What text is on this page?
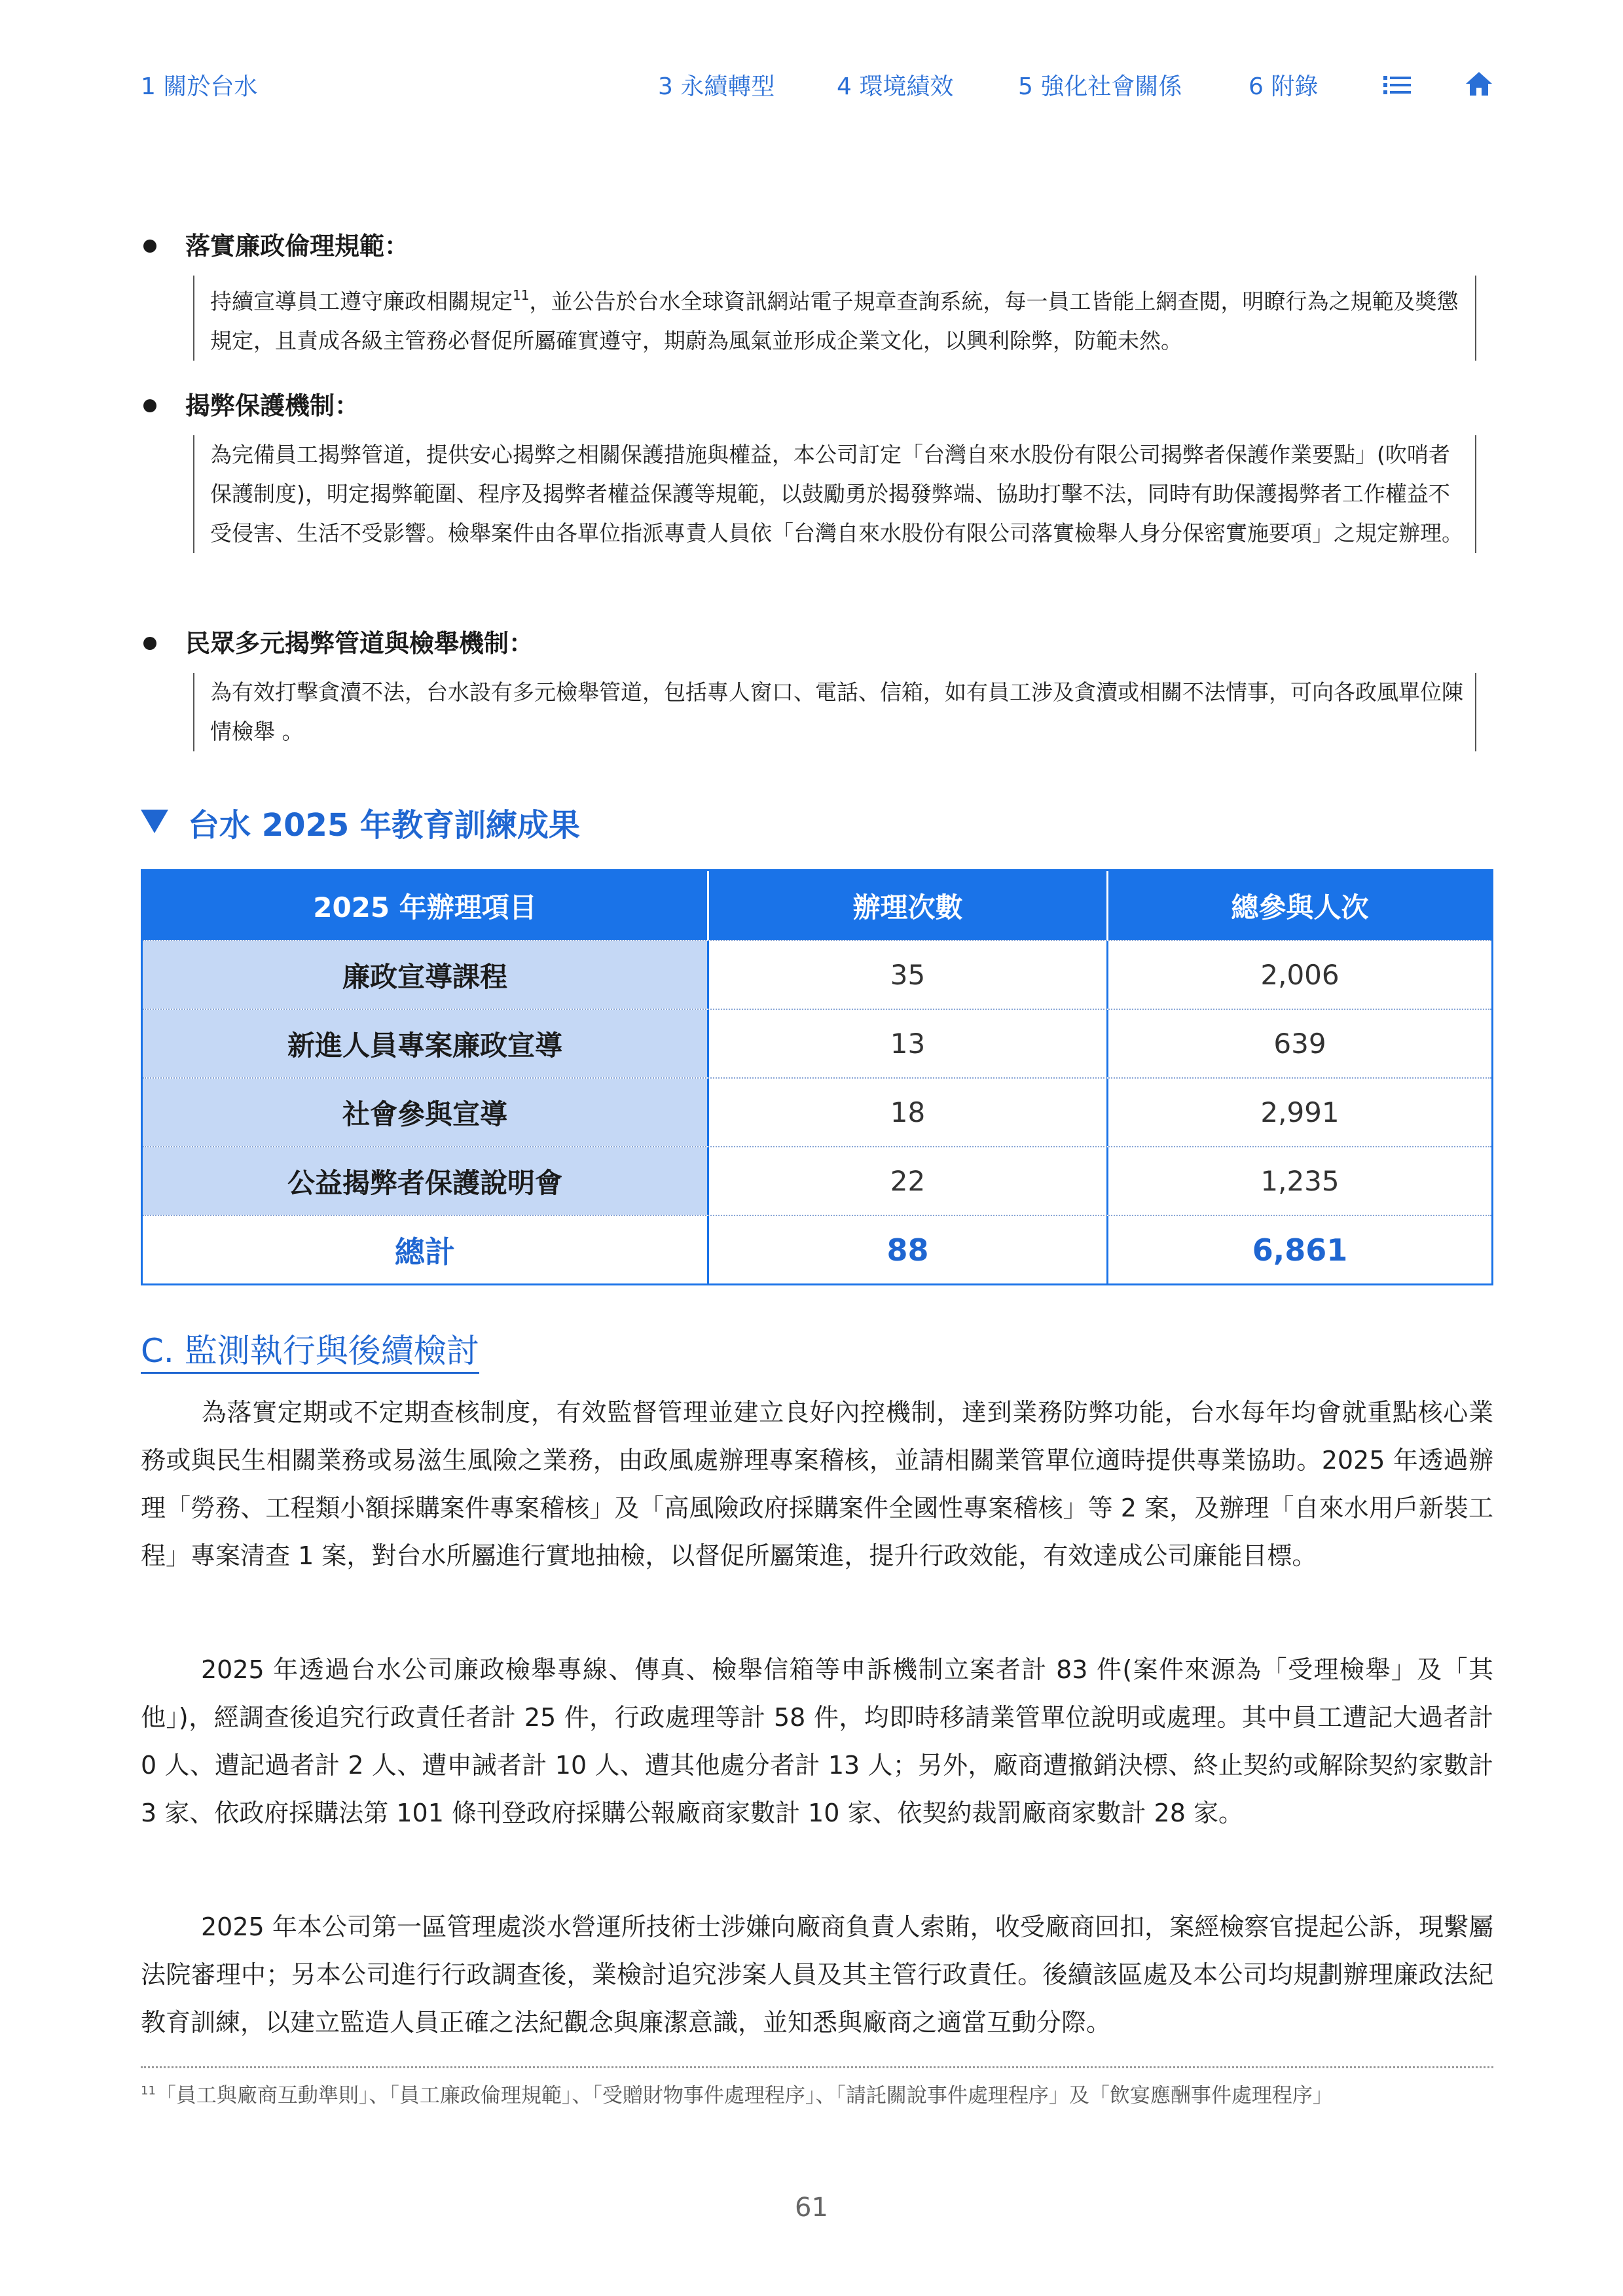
1 關於台水	3 永續轉型	4 環境績效	5 強化社會關係	6 附錄
落實廉政倫理規範：
持續宣導員工遵守廉政相關規定$^{11}$，並公告於台水全球資訊網站電子規章查詢系統，每一員工皆能上網查閱，明瞭行為之規範及獎懲規定，且責成各級主管務必督促所屬確實遵守，期蔚為風氣並形成企業文化，以興利除弊，防範未然。
揭弊保護機制：
為完備員工揭弊管道，提供安心揭弊之相關保護措施與權益，本公司訂定「台灣自來水股份有限公司揭弊者保護作業要點」(吹哨者保護制度)，明定揭弊範圍、程序及揭弊者權益保護等規範，以鼓勵勇於揭發弊端、協助打擊不法，同時有助保護揭弊者工作權益不受侵害、生活不受影響。檢舉案件由各單位指派專責人員依「台灣自來水股份有限公司落實檢舉人身分保密實施要項」之規定辦理。
民眾多元揭弊管道與檢舉機制：
為有效打擊貪瀆不法，台水設有多元檢舉管道，包括專人窗口、電話、信箱，如有員工涉及貪瀆或相關不法情事，可向各政風單位陳情檢舉 。
台水 2025 年教育訓練成果
2025 年辦理項目	辦理次數	總參與人次
廉政宣導課程	35	2,006
新進人員專案廉政宣導	13	639
社會參與宣導	18	2,991
公益揭弊者保護說明會	22	1,235
總計	88	6,861
C. 監測執行與後續檢討
為落實定期或不定期查核制度，有效監督管理並建立良好內控機制，達到業務防弊功能，台水每年均會就重點核心業務或與民生相關業務或易滋生風險之業務，由政風處辦理專案稽核，並請相關業管單位適時提供專業協助。2025 年透過辦理「勞務、工程類小額採購案件專案稽核」及「高風險政府採購案件全國性專案稽核」等 2 案，及辦理「自來水用戶新裝工程」專案清查 1 案，對台水所屬進行實地抽檢，以督促所屬策進，提升行政效能，有效達成公司廉能目標。
2025 年透過台水公司廉政檢舉專線、傳真、檢舉信箱等申訴機制立案者計 83 件(案件來源為「受理檢舉」及「其他」)，經調查後追究行政責任者計 25 件，行政處理等計 58 件，均即時移請業管單位說明或處理。其中員工遭記大過者計 0 人、遭記過者計 2 人、遭申誡者計 10 人、遭其他處分者計 13 人；另外，廠商遭撤銷決標、終止契約或解除契約家數計 3 家、依政府採購法第 101 條刊登政府採購公報廠商家數計 10 家、依契約裁罰廠商家數計 28 家。
2025 年本公司第一區管理處淡水營運所技術士涉嫌向廠商負責人索賄，收受廠商回扣，案經檢察官提起公訴，現繫屬法院審理中；另本公司進行行政調查後，業檢討追究涉案人員及其主管行政責任。後續該區處及本公司均規劃辦理廉政法紀教育訓練，以建立監造人員正確之法紀觀念與廉潔意識，並知悉與廠商之適當互動分際。
$^{11}$「員工與廠商互動準則」、「員工廉政倫理規範」、「受贈財物事件處理程序」、「請託關說事件處理程序」及「飲宴應酬事件處理程序」
61
